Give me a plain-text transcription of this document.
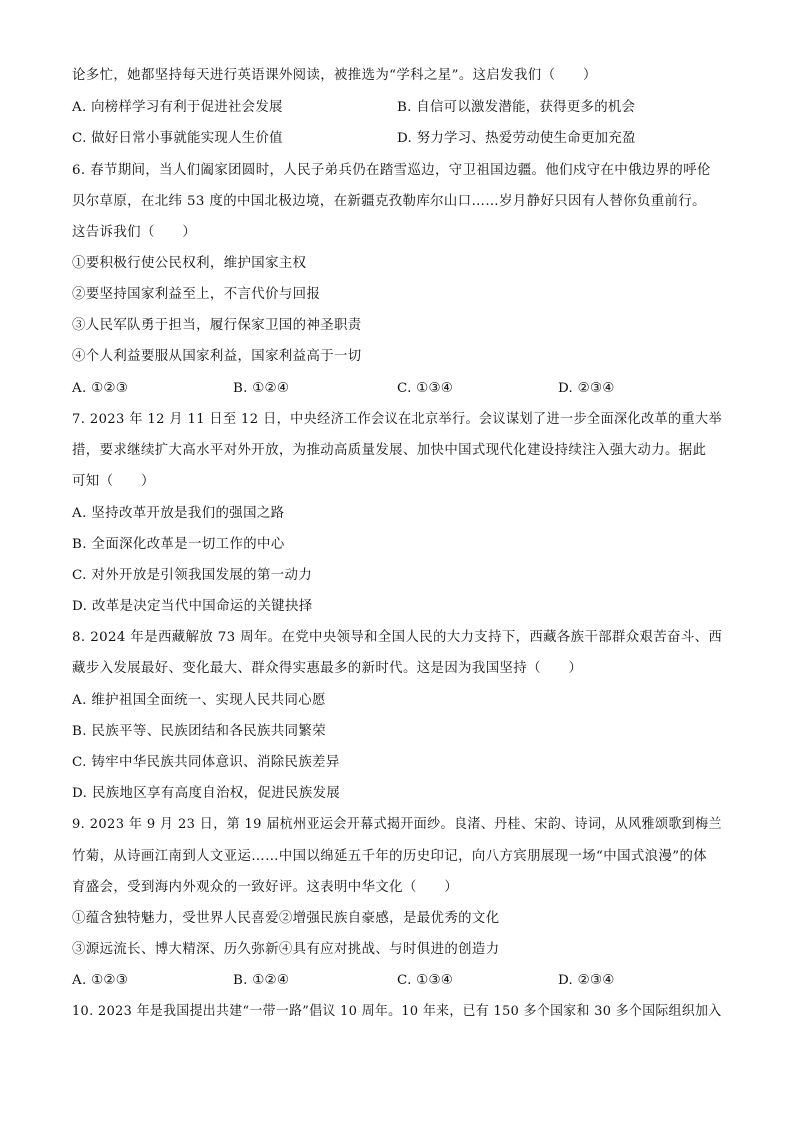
论多忙，她都坚持每天进行英语课外阅读，被推选为“学科之星”。这启发我们（　　）
A. 向榜样学习有利于促进社会发展	B. 自信可以激发潜能，获得更多的机会
C. 做好日常小事就能实现人生价值	D. 努力学习、热爱劳动使生命更加充盈
6. 春节期间，当人们阖家团圆时，人民子弟兵仍在踏雪巡边，守卫祖国边疆。他们戍守在中俄边界的呼伦
贝尔草原，在北纬 53 度的中国北极边境，在新疆克孜勒库尔山口……岁月静好只因有人替你负重前行。
这告诉我们（　　）
①要积极行使公民权利，维护国家主权
②要坚持国家利益至上，不言代价与回报
③人民军队勇于担当，履行保家卫国的神圣职责
④个人利益要服从国家利益，国家利益高于一切
A. ①②③	B. ①②④	C. ①③④	D. ②③④
7. 2023 年 12 月 11 日至 12 日，中央经济工作会议在北京举行。会议谋划了进一步全面深化改革的重大举
措，要求继续扩大高水平对外开放，为推动高质量发展、加快中国式现代化建设持续注入强大动力。据此
可知（　　）
A. 坚持改革开放是我们的强国之路
B. 全面深化改革是一切工作的中心
C. 对外开放是引领我国发展的第一动力
D. 改革是决定当代中国命运的关键抉择
8. 2024 年是西藏解放 73 周年。在党中央领导和全国人民的大力支持下，西藏各族干部群众艰苦奋斗、西
藏步入发展最好、变化最大、群众得实惠最多的新时代。这是因为我国坚持（　　）
A. 维护祖国全面统一、实现人民共同心愿
B. 民族平等、民族团结和各民族共同繁荣
C. 铸牢中华民族共同体意识、消除民族差异
D. 民族地区享有高度自治权，促进民族发展
9. 2023 年 9 月 23 日，第 19 届杭州亚运会开幕式揭开面纱。良渚、丹桂、宋韵、诗词，从风雅颂歌到梅兰
竹菊，从诗画江南到人文亚运……中国以绵延五千年的历史印记，向八方宾朋展现一场“中国式浪漫”的体
育盛会，受到海内外观众的一致好评。这表明中华文化（　　）
①蕴含独特魅力，受世界人民喜爱②增强民族自豪感，是最优秀的文化
③源远流长、博大精深、历久弥新④具有应对挑战、与时俱进的创造力
A. ①②③	B. ①②④	C. ①③④	D. ②③④
10. 2023 年是我国提出共建“一带一路”倡议 10 周年。10 年来，已有 150 多个国家和 30 多个国际组织加入
